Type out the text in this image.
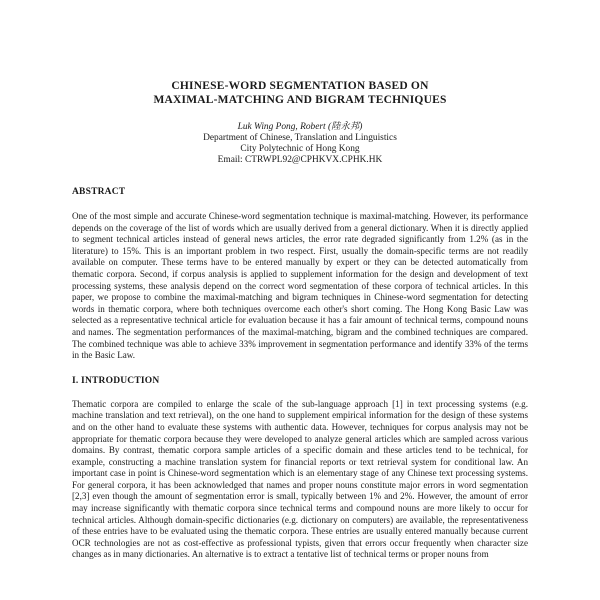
CHINESE-WORD SEGMENTATION BASED ON
MAXIMAL-MATCHING AND BIGRAM TECHNIQUES
Luk Wing Pong, Robert (陸永邦)
Department of Chinese, Translation and Linguistics
City Polytechnic of Hong Kong
Email: CTRWPL92@CPHKVX.CPHK.HK
ABSTRACT

One of the most simple and accurate Chinese-word segmentation technique is maximal-matching. However, its performance depends on the coverage of the list of words which are usually derived from a general dictionary. When it is directly applied to segment technical articles instead of general news articles, the error rate degraded significantly from 1.2% (as in the literature) to 15%. This is an important problem in two respect. First, usually the domain-specific terms are not readily available on computer. These terms have to be entered manually by expert or they can be detected automatically from thematic corpora. Second, if corpus analysis is applied to supplement information for the design and development of text processing systems, these analysis depend on the correct word segmentation of these corpora of technical articles. In this paper, we propose to combine the maximal-matching and bigram techniques in Chinese-word segmentation for detecting words in thematic corpora, where both techniques overcome each other's short coming. The Hong Kong Basic Law was selected as a representative technical article for evaluation because it has a fair amount of technical terms, compound nouns and names. The segmentation performances of the maximal-matching, bigram and the combined techniques are compared. The combined technique was able to achieve 33% improvement in segmentation performance and identify 33% of the terms in the Basic Law.

I. INTRODUCTION

Thematic corpora are compiled to enlarge the scale of the sub-language approach [1] in text processing systems (e.g. machine translation and text retrieval), on the one hand to supplement empirical information for the design of these systems and on the other hand to evaluate these systems with authentic data. However, techniques for corpus analysis may not be appropriate for thematic corpora because they were developed to analyze general articles which are sampled across various domains. By contrast, thematic corpora sample articles of a specific domain and these articles tend to be technical, for example, constructing a machine translation system for financial reports or text retrieval system for conditional law. An important case in point is Chinese-word segmentation which is an elementary stage of any Chinese text processing systems. For general corpora, it has been acknowledged that names and proper nouns constitute major errors in word segmentation [2,3] even though the amount of segmentation error is small, typically between 1% and 2%. However, the amount of error may increase significantly with thematic corpora since technical terms and compound nouns are more likely to occur for technical articles. Although domain-specific dictionaries (e.g. dictionary on computers) are available, the representativeness of these entries have to be evaluated using the thematic corpora. These entries are usually entered manually because current OCR technologies are not as cost-effective as professional typists, given that errors occur frequently when character size changes as in many dictionaries. An alternative is to extract a tentative list of technical terms or proper nouns from
